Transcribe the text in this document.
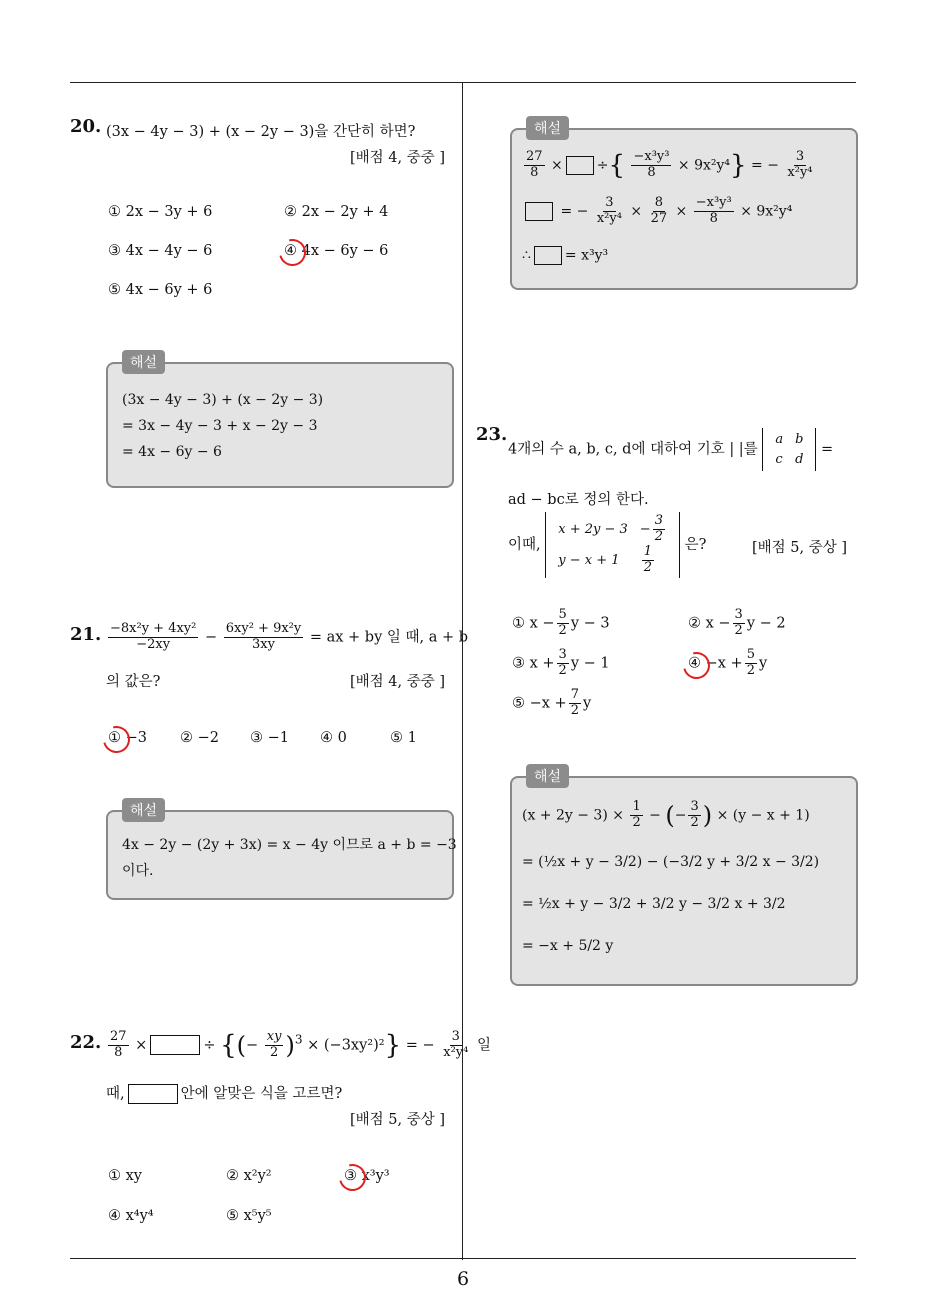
6
20. (3x − 4y − 3) + (x − 2y − 3)을 간단히 하면?
[배점 4, 중중 ]
① 2x − 3y + 6	② 2x − 2y + 4
③ 4x − 4y − 6	④ 4x − 6y − 6
⑤ 4x − 6y + 6
해설
(3x − 4y − 3) + (x − 2y − 3)
= 3x − 4y − 3 + x − 2y − 3
= 4x − 6y − 6
21. $\frac{\text{−8x²y + 4xy²}}{-2xy} - \frac{\text{6xy² + 9x²y}}{3xy}$ = ax + by 일 때, a + b
의 값은?	[배점 4, 중중 ]
① −3 ② −2 ③ −1 ④ 0	⑤ 1
해설
4x − 2y − (2y + 3x) = x − 4y 이므로 a + b = −3
이다.
22. $\frac{27}{8}$ ×	÷ {(− $\frac{xy}{2} )^3 \times (-3xy^2)^2$} = − $\frac{3}{\text{x²y⁴}}$ 일
때,	안에 알맞은 식을 고르면?
[배점 5, 중상 ]
① xy	② x²y²	③ x³y³
④ x⁴y⁴	⑤ x⁵y⁵
해설
$\frac{27}{8}$ × ÷{ $\frac{\text{−x³y³}}{8} \times 9x^2y^4$} = − $\frac{3}{\text{x²y⁴}}$
= − $\frac{3}{\text{x²y⁴}} \times \frac{8}{27} \times \frac{\text{−x³y³}}{8} \times 9x^2y^4$
∴ = x³y³
23.
4개의 수 a, b, c, d에 대하여 기호 | |를
a	b
c	d
=
ad − bc로 정의 한다.
이때,
x + 2y − 3	− $\frac{3}{2}$

y − x + 1	$\frac{1}{2}$ 은?	[배점 5, 중상 ]
① $x - \frac{5}{2}$ y − 3	② $x - \frac{3}{2}$ y − 2
③ $x + \frac{3}{2}$ y − 1	④ $-x + \frac{5}{2}$ y
⑤ $-x + \frac{7}{2}$ y
해설
$(x + 2y - 3) \times \frac{1}{2}$ − (− $\frac{3}{2}$ ) × (y − x + 1)
= (½x + y − 3/2) − (−3/2 y + 3/2 x − 3/2)
= ½x + y − 3/2 + 3/2 y − 3/2 x + 3/2
= −x + 5/2 y
